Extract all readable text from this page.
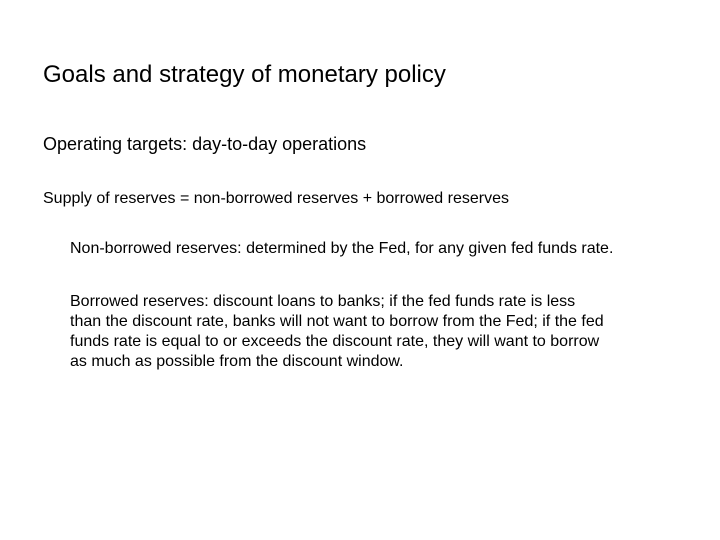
Goals and strategy of monetary policy
Operating targets: day-to-day operations
Supply of reserves = non-borrowed reserves + borrowed reserves
Non-borrowed reserves: determined by the Fed, for any given fed funds rate.
Borrowed reserves: discount loans to banks; if the fed funds rate is less
than the discount rate, banks will not want to borrow from the Fed; if the fed
funds rate is equal to or exceeds the discount rate, they will want to borrow
as much as possible from the discount window.
